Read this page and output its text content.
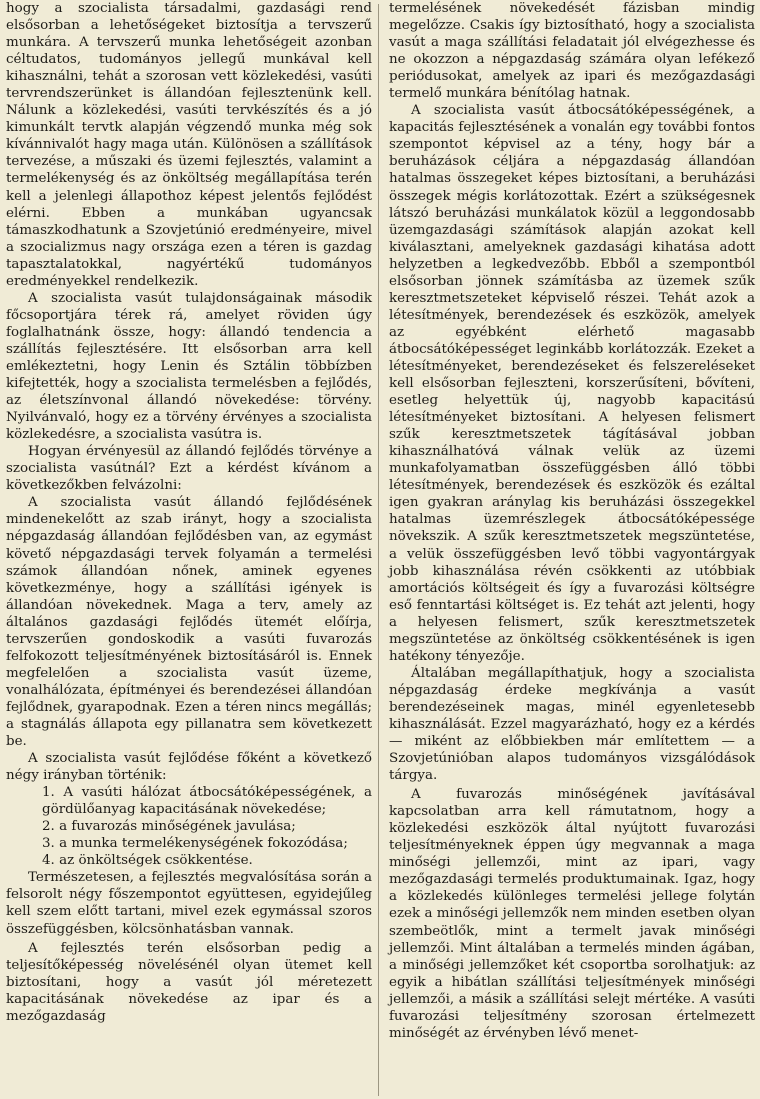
hogy a szocialista társadalmi, gazdasági rend elsősorban a lehetőségeket biztosítja a tervszerű munkára. A tervszerű munka lehetőségeit azonban céltudatos, tudományos jellegű munkával kell kihasználni, tehát a szorosan vett közlekedési, vasúti tervrendszerünket is állandóan fejlesztenünk kell. Nálunk a közlekedési, vasúti tervkészítés és a jó kimunkált tervtk alapján végzendő munka még sok kívánnivalót hagy maga után. Különösen a szállítások tervezése, a műszaki és üzemi fejlesztés, valamint a termelékenység és az önköltség megállapítása terén kell a jelenlegi állapothoz képest jelentős fejlődést elérni. Ebben a munkában ugyancsak támaszkodhatunk a Szovjetúnió eredményeire, mivel a szocializmus nagy országa ezen a téren is gazdag tapasztalatokkal, nagyértékű tudományos eredményekkel rendelkezik.

A szocialista vasút tulajdonságainak második főcsoportjára térek rá, amelyet röviden úgy foglalhatnánk össze, hogy: állandó tendencia a szállítás fejlesztésére. Itt elsősorban arra kell emlékeztetni, hogy Lenin és Sztálin többízben kifejtették, hogy a szocialista termelésben a fejlődés, az életszínvonal állandó növekedése: törvény. Nyilvánvaló, hogy ez a törvény érvényes a szocialista közlekedésre, a szocialista vasútra is.

Hogyan érvényesül az állandó fejlődés törvénye a szocialista vasútnál? Ezt a kérdést kívánom a következőkben felvázolni:

A szocialista vasút állandó fejlődésének mindenekelőtt az szab irányt, hogy a szocialista népgazdaság állandóan fejlődésben van, az egymást követő népgazdasági tervek folyamán a termelési számok állandóan nőnek, aminek egyenes következménye, hogy a szállítási igények is állandóan növekednek. Maga a terv, amely az általános gazdasági fejlődés ütemét előírja, tervszerűen gondoskodik a vasúti fuvarozás felfokozott teljesítményének biztosításáról is. Ennek megfelelően a szocialista vasút üzeme, vonalhálózata, építményei és berendezései állandóan fejlődnek, gyarapodnak. Ezen a téren nincs megállás; a stagnálás állapota egy pillanatra sem következett be.

A szocialista vasút fejlődése főként a következő négy irányban történik:

1. A vasúti hálózat átbocsátóképességének, a gördülőanyag kapacitásának növekedése;
2. a fuvarozás minőségének javulása;
3. a munka termelékenységének fokozódása;
4. az önköltségek csökkentése.

Természetesen, a fejlesztés megvalósítása során a felsorolt négy főszempontot együttesen, egyidejűleg kell szem előtt tartani, mivel ezek egymással szoros összefüggésben, kölcsönhatásban vannak.

A fejlesztés terén elsősorban pedig a teljesítőképesség növelésénél olyan ütemet kell biztosítani, hogy a vasút jól méretezett kapacitásának növekedése az ipar és a mezőgazdaság

termelésének növekedését fázisban mindig megelőzze. Csakis így biztosítható, hogy a szocialista vasút a maga szállítási feladatait jól elvégezhesse és ne okozzon a népgazdaság számára olyan lefékező periódusokat, amelyek az ipari és mezőgazdasági termelő munkára bénítólag hatnak.

A szocialista vasút átbocsátóképességének, a kapacitás fejlesztésének a vonalán egy további fontos szempontot képvisel az a tény, hogy bár a beruházások céljára a népgazdaság állandóan hatalmas összegeket képes biztosítani, a beruházási összegek mégis korlátozottak. Ezért a szükségesnek látszó beruházási munkálatok közül a leggondosabb üzemgazdasági számítások alapján azokat kell kiválasztani, amelyeknek gazdasági kihatása adott helyzetben a legkedvezőbb. Ebből a szempontból elsősorban jönnek számításba az üzemek szűk keresztmetszeteket képviselő részei. Tehát azok a létesítmények, berendezések és eszközök, amelyek az egyébként elérhető magasabb átbocsátóképességet leginkább korlátozzák. Ezeket a létesítményeket, berendezéseket és felszereléseket kell elsősorban fejleszteni, korszerűsíteni, bővíteni, esetleg helyettük új, nagyobb kapacitású létesítményeket biztosítani. A helyesen felismert szűk keresztmetszetek tágításával jobban kihasználhatóvá válnak velük az üzemi munkafolyamatban összefüggésben álló többi létesítmények, berendezések és eszközök és ezáltal igen gyakran aránylag kis beruházási összegekkel hatalmas üzemrészlegek átbocsátóképessége növekszik. A szűk keresztmetszetek megszüntetése, a velük összefüggésben levő többi vagyontárgyak jobb kihasználása révén csökkenti az utóbbiak amortációs költségeit és így a fuvarozási költségre eső fenntartási költséget is. Ez tehát azt jelenti, hogy a helyesen felismert, szűk keresztmetszetek megszüntetése az önköltség csökkentésének is igen hatékony tényezője.

Általában megállapíthatjuk, hogy a szocialista népgazdaság érdeke megkívánja a vasút berendezéseinek magas, minél egyenletesebb kihasználását. Ezzel magyarázható, hogy ez a kérdés — miként az előbbiekben már említettem — a Szovjetúnióban alapos tudományos vizsgálódások tárgya.

A fuvarozás minőségének javításával kapcsolatban arra kell rámutatnom, hogy a közlekedési eszközök által nyújtott fuvarozási teljesítményeknek éppen úgy megvannak a maga minőségi jellemzői, mint az ipari, vagy mezőgazdasági termelés produktumainak. Igaz, hogy a közlekedés különleges termelési jellege folytán ezek a minőségi jellemzők nem minden esetben olyan szembeötlők, mint a termelt javak minőségi jellemzői. Mint általában a termelés minden ágában, a minőségi jellemzőket két csoportba sorolhatjuk: az egyik a hibátlan szállítási teljesítmények minőségi jellemzői, a másik a szállítási selejt mértéke. A vasúti fuvarozási teljesítmény szorosan értelmezett minőségét az érvényben lévő menet-
